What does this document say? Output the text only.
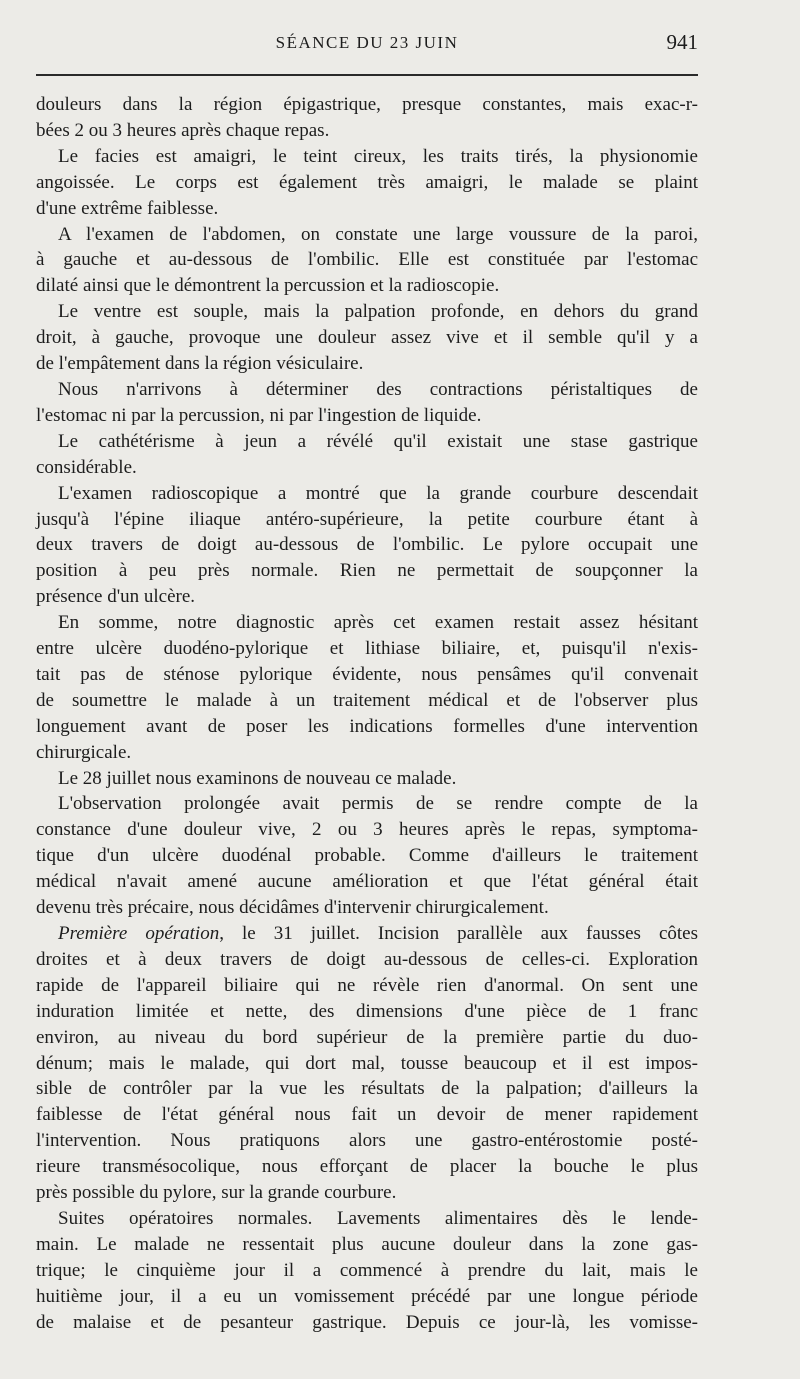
SÉANCE DU 23 JUIN	941
douleurs dans la région épigastrique, presque constantes, mais exac-r-
bées 2 ou 3 heures après chaque repas.
Le facies est amaigri, le teint cireux, les traits tirés, la physionomie
angoissée. Le corps est également très amaigri, le malade se plaint
d'une extrême faiblesse.
A l'examen de l'abdomen, on constate une large voussure de la paroi,
à gauche et au-dessous de l'ombilic. Elle est constituée par l'estomac
dilaté ainsi que le démontrent la percussion et la radioscopie.
Le ventre est souple, mais la palpation profonde, en dehors du grand
droit, à gauche, provoque une douleur assez vive et il semble qu'il y a
de l'empâtement dans la région vésiculaire.
Nous n'arrivons à déterminer des contractions péristaltiques de
l'estomac ni par la percussion, ni par l'ingestion de liquide.
Le cathétérisme à jeun a révélé qu'il existait une stase gastrique
considérable.
L'examen radioscopique a montré que la grande courbure descendait
jusqu'à l'épine iliaque antéro-supérieure, la petite courbure étant à
deux travers de doigt au-dessous de l'ombilic. Le pylore occupait une
position à peu près normale. Rien ne permettait de soupçonner la
présence d'un ulcère.
En somme, notre diagnostic après cet examen restait assez hésitant
entre ulcère duodéno-pylorique et lithiase biliaire, et, puisqu'il n'exis-
tait pas de sténose pylorique évidente, nous pensâmes qu'il convenait
de soumettre le malade à un traitement médical et de l'observer plus
longuement avant de poser les indications formelles d'une intervention
chirurgicale.
Le 28 juillet nous examinons de nouveau ce malade.
L'observation prolongée avait permis de se rendre compte de la
constance d'une douleur vive, 2 ou 3 heures après le repas, symptoma-
tique d'un ulcère duodénal probable. Comme d'ailleurs le traitement
médical n'avait amené aucune amélioration et que l'état général était
devenu très précaire, nous décidâmes d'intervenir chirurgicalement.
Première opération, le 31 juillet. Incision parallèle aux fausses côtes
droites et à deux travers de doigt au-dessous de celles-ci. Exploration
rapide de l'appareil biliaire qui ne révèle rien d'anormal. On sent une
induration limitée et nette, des dimensions d'une pièce de 1 franc
environ, au niveau du bord supérieur de la première partie du duo-
dénum; mais le malade, qui dort mal, tousse beaucoup et il est impos-
sible de contrôler par la vue les résultats de la palpation; d'ailleurs la
faiblesse de l'état général nous fait un devoir de mener rapidement
l'intervention. Nous pratiquons alors une gastro-entérostomie posté-
rieure transmésocolique, nous efforçant de placer la bouche le plus
près possible du pylore, sur la grande courbure.
Suites opératoires normales. Lavements alimentaires dès le lende-
main. Le malade ne ressentait plus aucune douleur dans la zone gas-
trique; le cinquième jour il a commencé à prendre du lait, mais le
huitième jour, il a eu un vomissement précédé par une longue période
de malaise et de pesanteur gastrique. Depuis ce jour-là, les vomisse-
